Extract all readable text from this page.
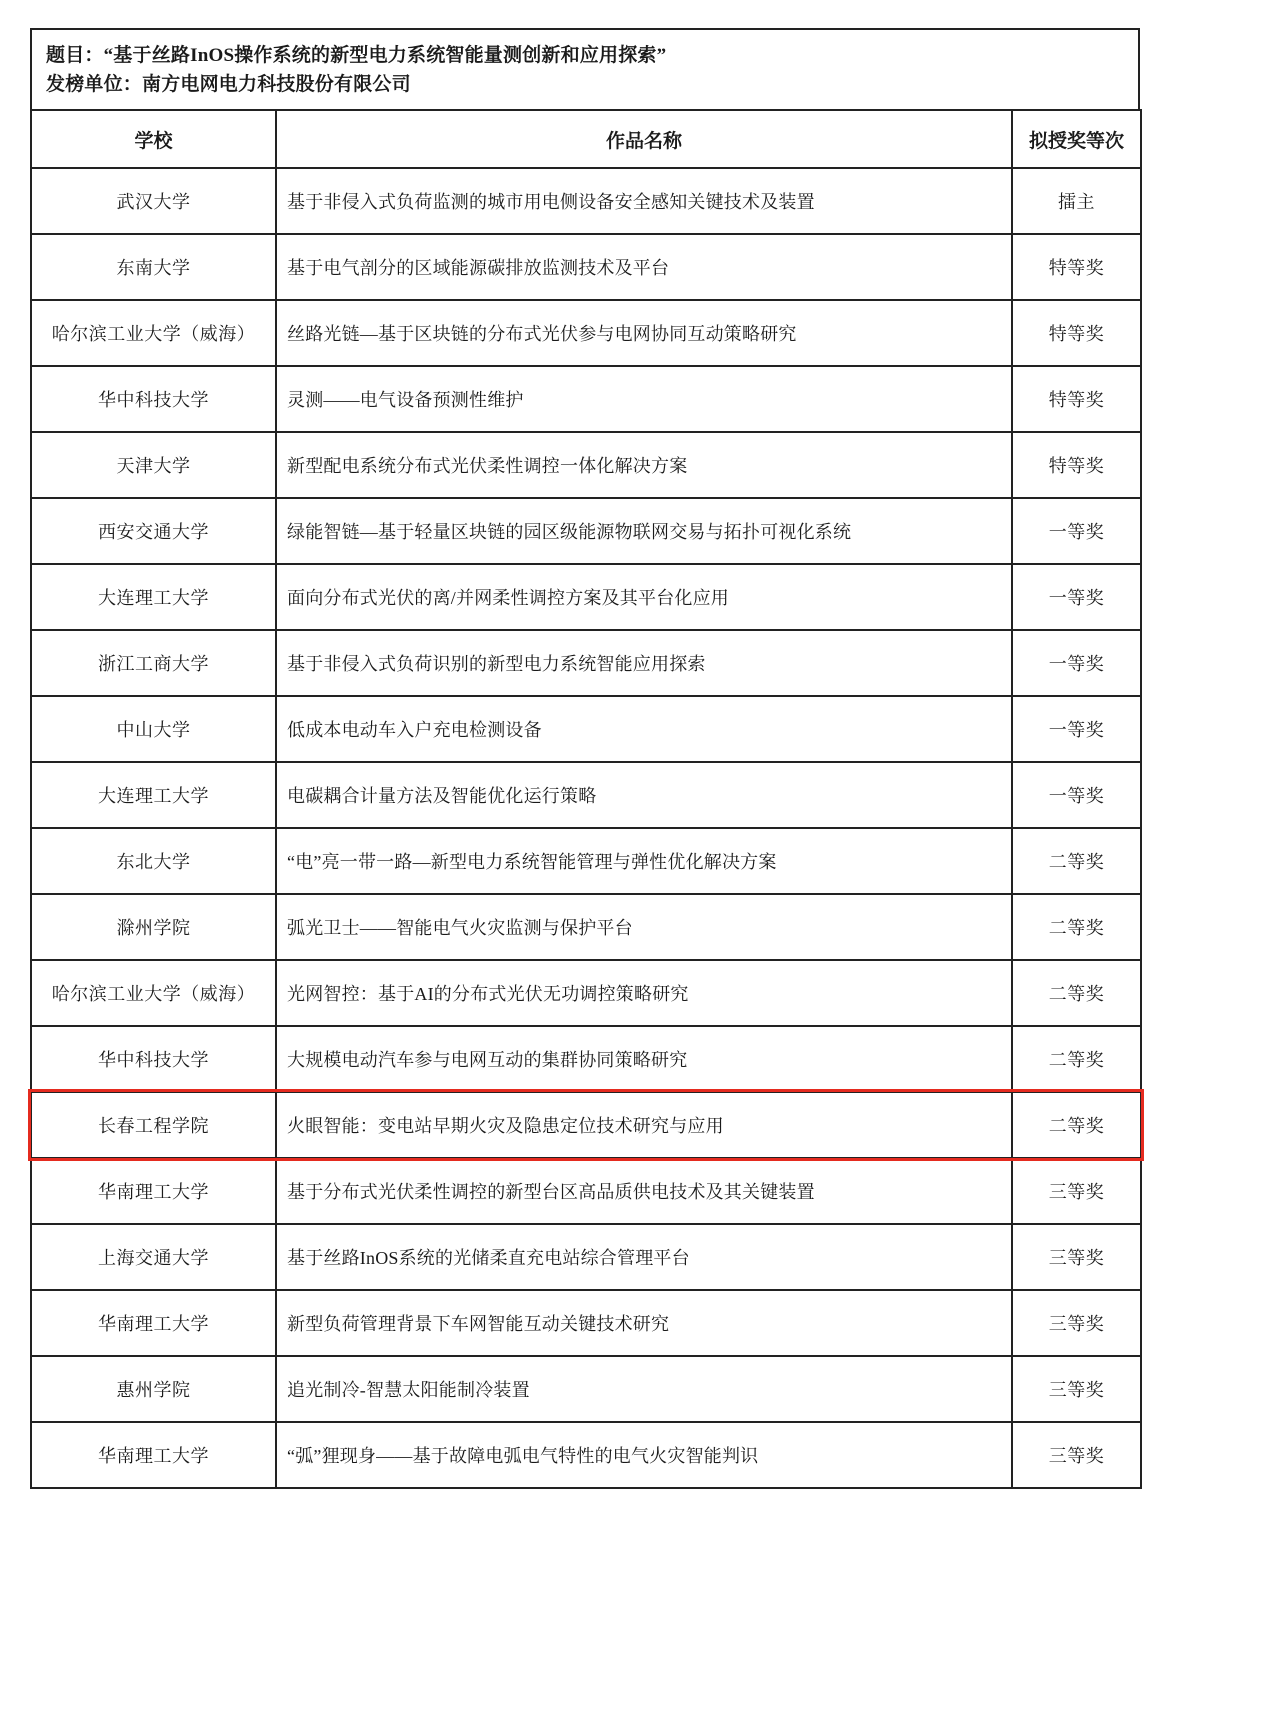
题目：“基于丝路InOS操作系统的新型电力系统智能量测创新和应用探索”
发榜单位：南方电网电力科技股份有限公司
学校	作品名称	拟授奖等次
武汉大学	基于非侵入式负荷监测的城市用电侧设备安全感知关键技术及装置	擂主
东南大学	基于电气剖分的区域能源碳排放监测技术及平台	特等奖
哈尔滨工业大学（威海）	丝路光链—基于区块链的分布式光伏参与电网协同互动策略研究	特等奖
华中科技大学	灵测——电气设备预测性维护	特等奖
天津大学	新型配电系统分布式光伏柔性调控一体化解决方案	特等奖
西安交通大学	绿能智链—基于轻量区块链的园区级能源物联网交易与拓扑可视化系统	一等奖
大连理工大学	面向分布式光伏的离/并网柔性调控方案及其平台化应用	一等奖
浙江工商大学	基于非侵入式负荷识别的新型电力系统智能应用探索	一等奖
中山大学	低成本电动车入户充电检测设备	一等奖
大连理工大学	电碳耦合计量方法及智能优化运行策略	一等奖
东北大学	“电”亮一带一路—新型电力系统智能管理与弹性优化解决方案	二等奖
滁州学院	弧光卫士——智能电气火灾监测与保护平台	二等奖
哈尔滨工业大学（威海）	光网智控：基于AI的分布式光伏无功调控策略研究	二等奖
华中科技大学	大规模电动汽车参与电网互动的集群协同策略研究	二等奖
长春工程学院	火眼智能：变电站早期火灾及隐患定位技术研究与应用	二等奖
华南理工大学	基于分布式光伏柔性调控的新型台区高品质供电技术及其关键装置	三等奖
上海交通大学	基于丝路InOS系统的光储柔直充电站综合管理平台	三等奖
华南理工大学	新型负荷管理背景下车网智能互动关键技术研究	三等奖
惠州学院	追光制冷-智慧太阳能制冷装置	三等奖
华南理工大学	“弧”狸现身——基于故障电弧电气特性的电气火灾智能判识	三等奖
